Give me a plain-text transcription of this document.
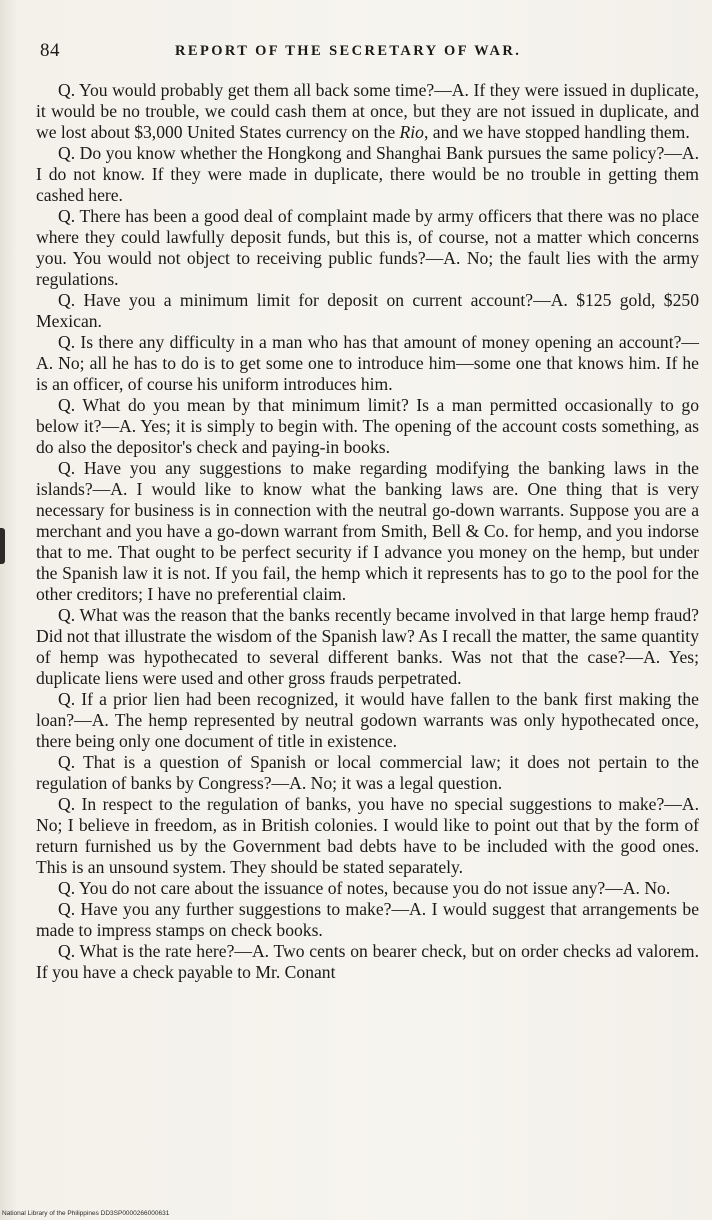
84	REPORT OF THE SECRETARY OF WAR.

Q. You would probably get them all back some time?—A. If they were issued in duplicate, it would be no trouble, we could cash them at once, but they are not issued in duplicate, and we lost about $3,000 United States currency on the Rio, and we have stopped handling them.

Q. Do you know whether the Hongkong and Shanghai Bank pursues the same policy?—A. I do not know. If they were made in duplicate, there would be no trouble in getting them cashed here.

Q. There has been a good deal of complaint made by army officers that there was no place where they could lawfully deposit funds, but this is, of course, not a matter which concerns you. You would not object to receiving public funds?—A. No; the fault lies with the army regulations.

Q. Have you a minimum limit for deposit on current account?—A. $125 gold, $250 Mexican.

Q. Is there any difficulty in a man who has that amount of money opening an account?—A. No; all he has to do is to get some one to introduce him—some one that knows him. If he is an officer, of course his uniform introduces him.

Q. What do you mean by that minimum limit? Is a man permitted occasionally to go below it?—A. Yes; it is simply to begin with. The opening of the account costs something, as do also the depositor's check and paying-in books.

Q. Have you any suggestions to make regarding modifying the banking laws in the islands?—A. I would like to know what the banking laws are. One thing that is very necessary for business is in connection with the neutral go-down warrants. Suppose you are a merchant and you have a go-down warrant from Smith, Bell & Co. for hemp, and you indorse that to me. That ought to be perfect security if I advance you money on the hemp, but under the Spanish law it is not. If you fail, the hemp which it represents has to go to the pool for the other creditors; I have no preferential claim.

Q. What was the reason that the banks recently became involved in that large hemp fraud? Did not that illustrate the wisdom of the Spanish law? As I recall the matter, the same quantity of hemp was hypothecated to several different banks. Was not that the case?—A. Yes; duplicate liens were used and other gross frauds perpetrated.

Q. If a prior lien had been recognized, it would have fallen to the bank first making the loan?—A. The hemp represented by neutral godown warrants was only hypothecated once, there being only one document of title in existence.

Q. That is a question of Spanish or local commercial law; it does not pertain to the regulation of banks by Congress?—A. No; it was a legal question.

Q. In respect to the regulation of banks, you have no special suggestions to make?—A. No; I believe in freedom, as in British colonies. I would like to point out that by the form of return furnished us by the Government bad debts have to be included with the good ones. This is an unsound system. They should be stated separately.

Q. You do not care about the issuance of notes, because you do not issue any?—A. No.

Q. Have you any further suggestions to make?—A. I would suggest that arrangements be made to impress stamps on check books.

Q. What is the rate here?—A. Two cents on bearer check, but on order checks ad valorem. If you have a check payable to Mr. Conant

National Library of the Philippines DD3SP0000266000631
